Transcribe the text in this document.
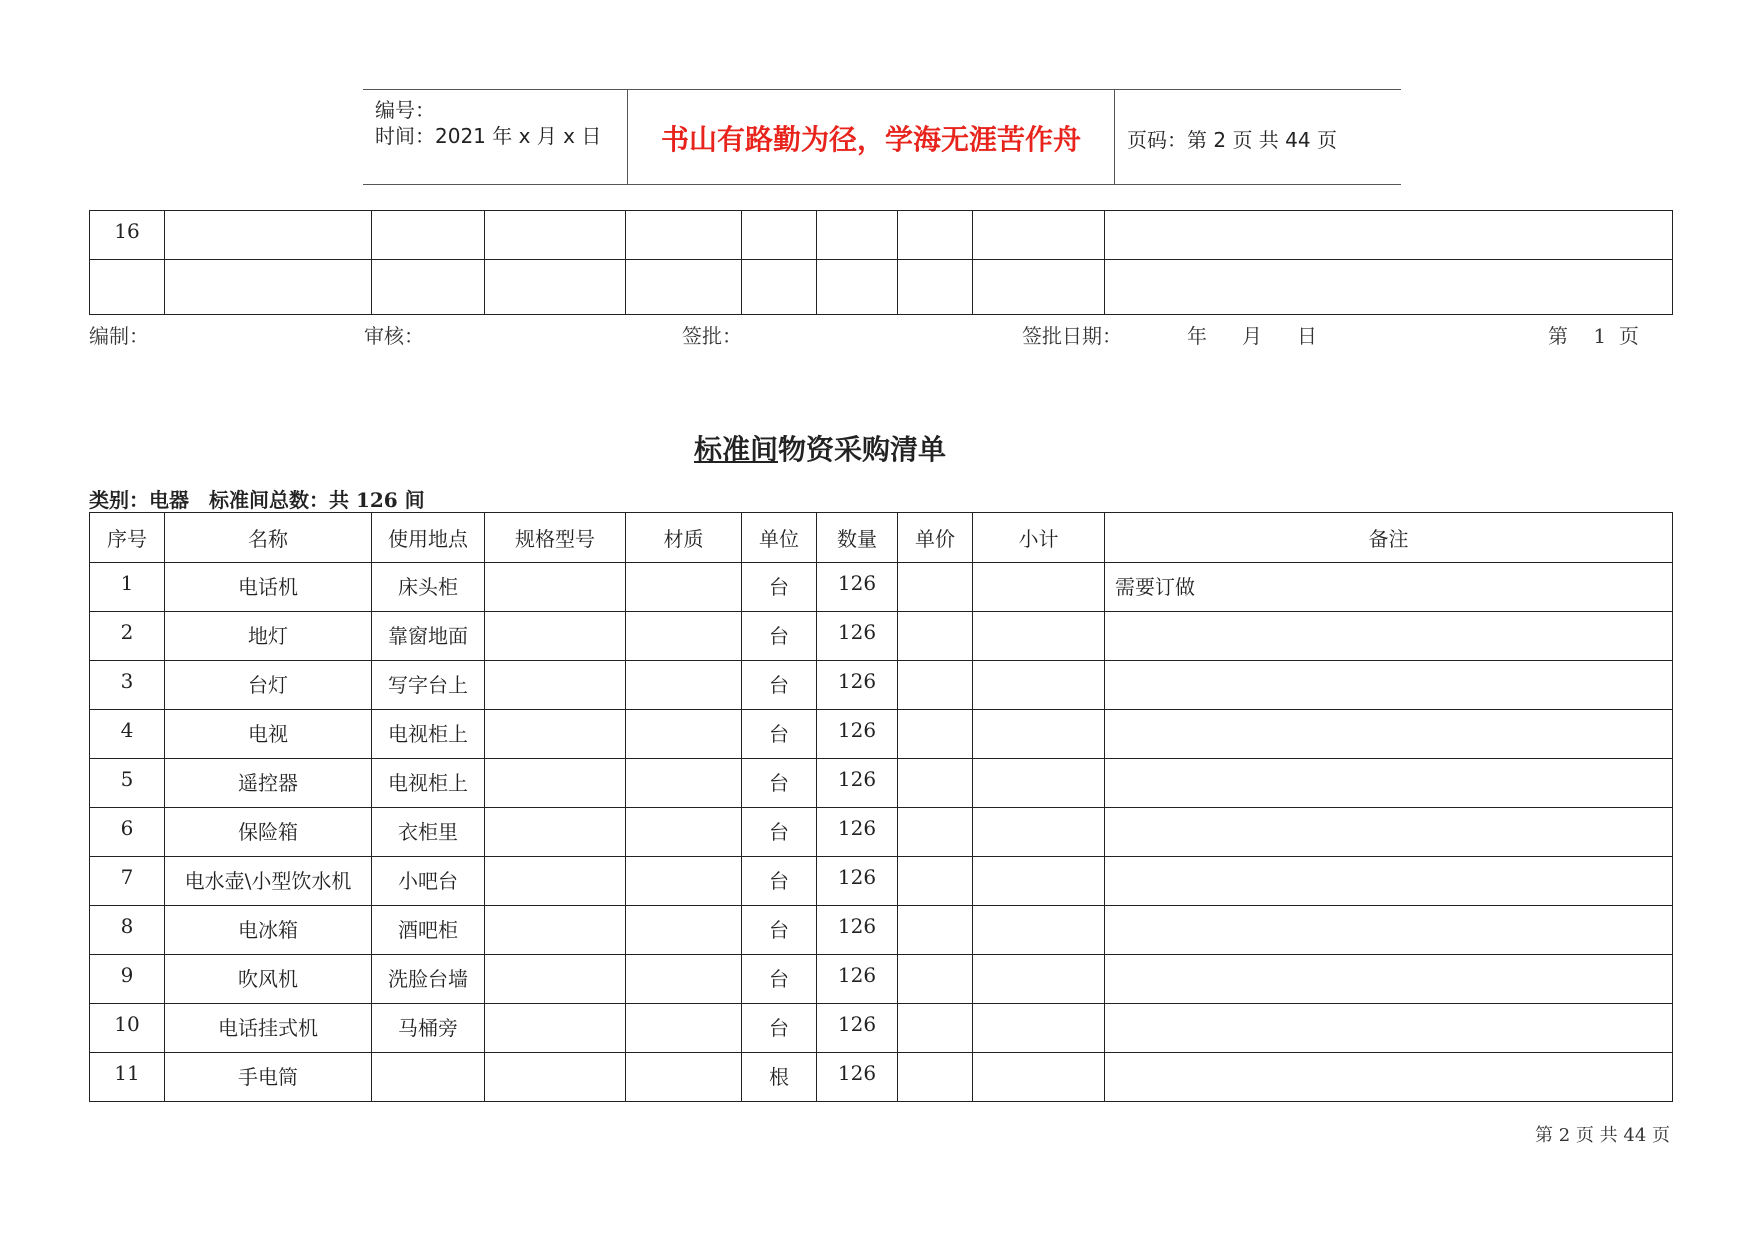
编号：
时间：2021 年 x 月 x 日	书山有路勤为径，学海无涯苦作舟	页码：第 2 页 共 44 页
16									

编制：	审核：	签批：	签批日期：	年 月 日	第    1  页
标准间物资采购清单
类别：电器 标准间总数：共 126 间
序号	名称	使用地点	规格型号	材质	单位	数量	单价	小计	备注
1	电话机	床头柜			台	126			需要订做
2	地灯	靠窗地面			台	126			
3	台灯	写字台上			台	126			
4	电视	电视柜上			台	126			
5	遥控器	电视柜上			台	126			
6	保险箱	衣柜里			台	126			
7	电水壶\小型饮水机	小吧台			台	126			
8	电冰箱	酒吧柜			台	126			
9	吹风机	洗脸台墙			台	126			
10	电话挂式机	马桶旁			台	126			
11	手电筒				根	126			
第 2 页 共 44 页
